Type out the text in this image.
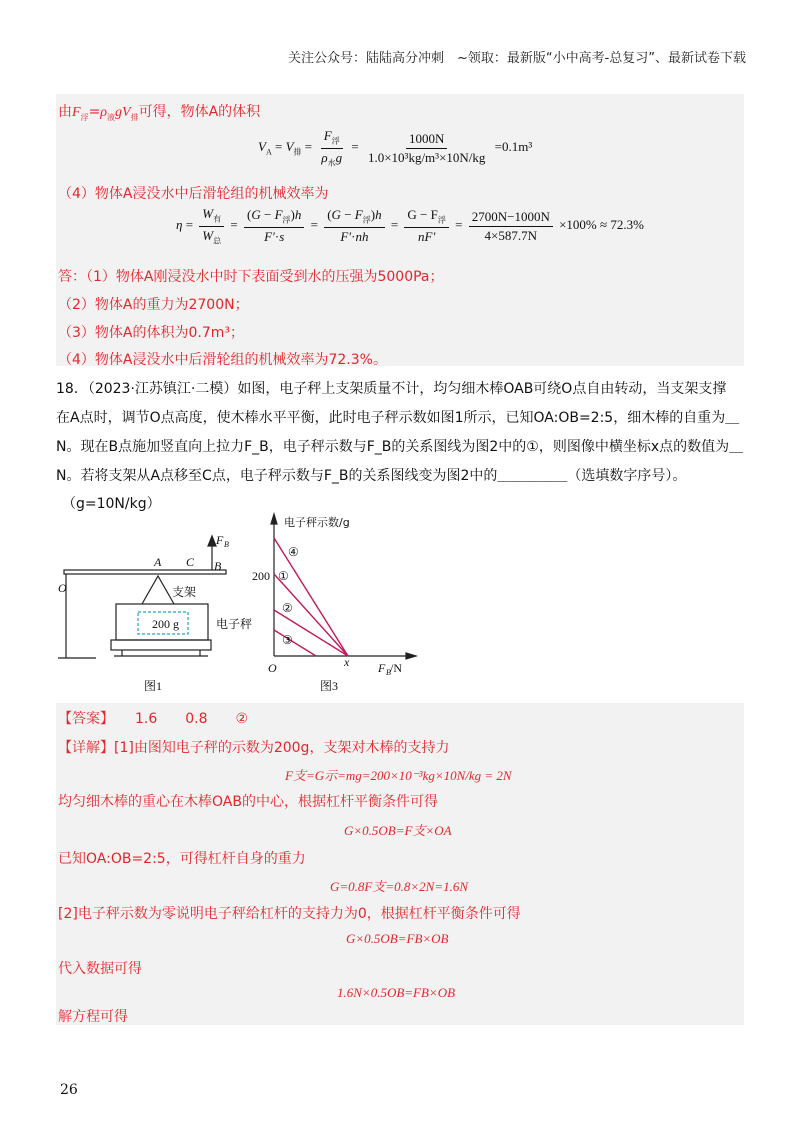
关注公众号：陆陆高分冲刺　~领取：最新版“小中高考-总复习”、最新试卷下载
由$F_浮=\rho_液gV_排$可得，物体A的体积
$V_A = V_排 = \frac{F_浮}{\rho_水g} = \frac{1000N}{\text{1.0×10³kg/m³×10N/kg}} =0.1m^3$
（4）物体A浸没水中后滑轮组的机械效率为
$\eta = \frac{W_有}{W_总} = \frac{(G - F_浮)h}{F'\cdot s} = \frac{(G - F_浮)h}{F'\cdot nh} = \frac{G - F_浮}{nF'} = \frac{2700N-1000N}{4\times 587.7N} \times 100\% \approx 72.3\%$
答：（1）物体A刚浸没水中时下表面受到水的压强为5000Pa；
（2）物体A的重力为2700N；
（3）物体A的体积为0.7m³；
（4）物体A浸没水中后滑轮组的机械效率为72.3%。
18．（2023·江苏镇江·二模）如图，电子秤上支架质量不计，均匀细木棒OAB可绕O点自由转动，当支架支撑
在A点时，调节O点高度，使木棒水平平衡，此时电子秤示数如图1所示，已知OA:OB=2:5，细木棒的自重为＿
N。现在B点施加竖直向上拉力F_B，电子秤示数与F_B的关系图线为图2中的①，则图像中横坐标x点的数值为＿
N。若将支架从A点移至C点，电子秤示数与F_B的关系图线变为图2中的＿＿＿＿＿（选填数字序号）。
（g=10N/kg）
O
A C B
F B
支架
200 g	电子秤
图1
电子秤示数/g
200
O	x F B /N
④
①
②
③
图3
【答案】　　1.6　　0.8　　②
【详解】[1]由图知电子秤的示数为200g，支架对木棒的支持力
F支=G示=mg=200×10⁻³kg×10N/kg = 2N
均匀细木棒的重心在木棒OAB的中心，根据杠杆平衡条件可得
G×0.5OB=F支×OA
已知OA:OB=2:5，可得杠杆自身的重力
G=0.8F支=0.8×2N=1.6N
[2]电子秤示数为零说明电子秤给杠杆的支持力为0，根据杠杆平衡条件可得
G×0.5OB=FB×OB
代入数据可得
1.6N×0.5OB=FB×OB
解方程可得
26
